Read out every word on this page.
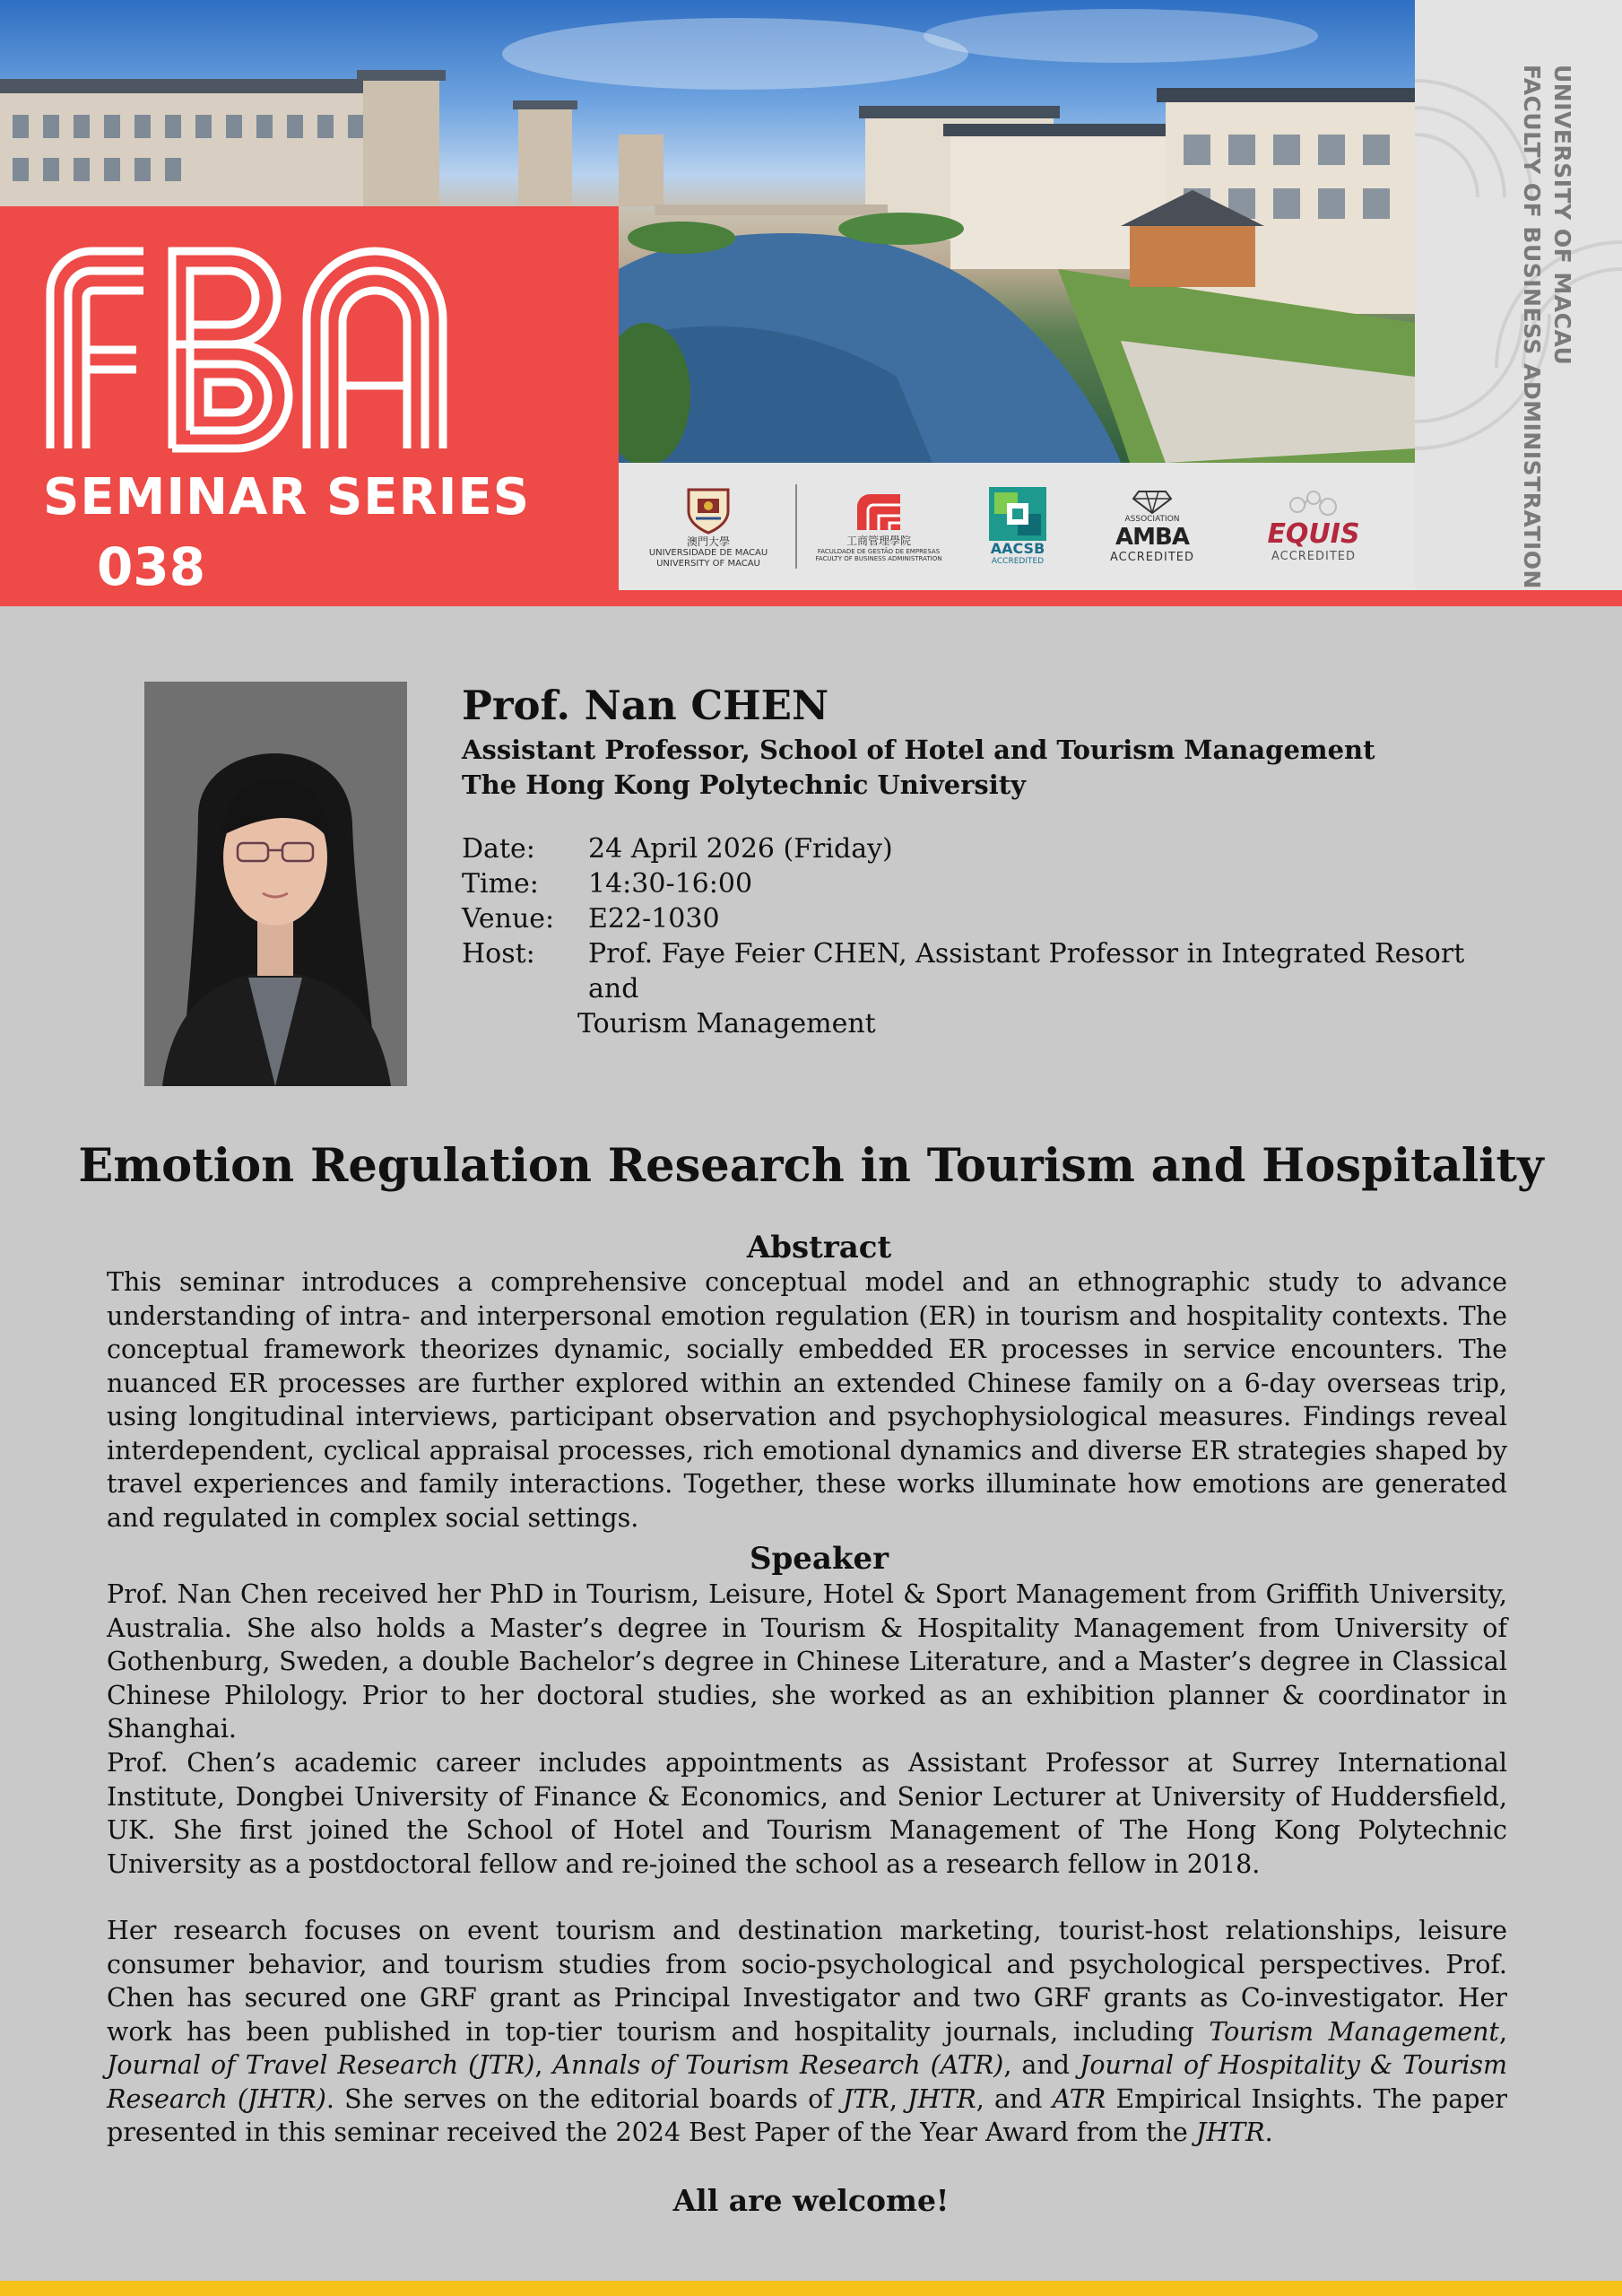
SEMINAR SERIES
038	澳門大學
UNIVERSIDADE DE MACAU
UNIVERSITY OF MACAU
工商管理學院
FACULDADE DE GESTÃO DE EMPRESAS
FACULTY OF BUSINESS ADMINISTRATION
AACSB
ACCREDITED
ASSOCIATION
AMBA
ACCREDITED
EQUIS
ACCREDITED
UNIVERSITY OF MACAU
FACULTY OF BUSINESS ADMINISTRATION
Prof. Nan CHEN
Assistant Professor, School of Hotel and Tourism Management
The Hong Kong Polytechnic University
Date:	24 April 2026 (Friday)
Time:	14:30-16:00
Venue:	E22-1030
Host:	Prof. Faye Feier CHEN, Assistant Professor in Integrated Resort and
Tourism Management
Emotion Regulation Research in Tourism and Hospitality
Abstract
This seminar introduces a comprehensive conceptual model and an ethnographic study to advance understanding of intra- and interpersonal emotion regulation (ER) in tourism and hospitality contexts. The conceptual framework theorizes dynamic, socially embedded ER processes in service encounters. The nuanced ER processes are further explored within an extended Chinese family on a 6-day overseas trip, using longitudinal interviews, participant observation and psychophysiological measures. Findings reveal interdependent, cyclical appraisal processes, rich emotional dynamics and diverse ER strategies shaped by travel experiences and family interactions. Together, these works illuminate how emotions are generated and regulated in complex social settings.
Speaker
Prof. Nan Chen received her PhD in Tourism, Leisure, Hotel & Sport Management from Griffith University, Australia. She also holds a Master’s degree in Tourism & Hospitality Management from University of Gothenburg, Sweden, a double Bachelor’s degree in Chinese Literature, and a Master’s degree in Classical Chinese Philology. Prior to her doctoral studies, she worked as an exhibition planner & coordinator in Shanghai.
Prof. Chen’s academic career includes appointments as Assistant Professor at Surrey International Institute, Dongbei University of Finance & Economics, and Senior Lecturer at University of Huddersfield, UK. She first joined the School of Hotel and Tourism Management of The Hong Kong Polytechnic University as a postdoctoral fellow and re-joined the school as a research fellow in 2018.
Her research focuses on event tourism and destination marketing, tourist-host relationships, leisure consumer behavior, and tourism studies from socio-psychological and psychological perspectives. Prof. Chen has secured one GRF grant as Principal Investigator and two GRF grants as Co-investigator. Her work has been published in top-tier tourism and hospitality journals, including Tourism Management, Journal of Travel Research (JTR), Annals of Tourism Research (ATR), and Journal of Hospitality & Tourism Research (JHTR). She serves on the editorial boards of JTR, JHTR, and ATR Empirical Insights. The paper presented in this seminar received the 2024 Best Paper of the Year Award from the JHTR.
All are welcome!
